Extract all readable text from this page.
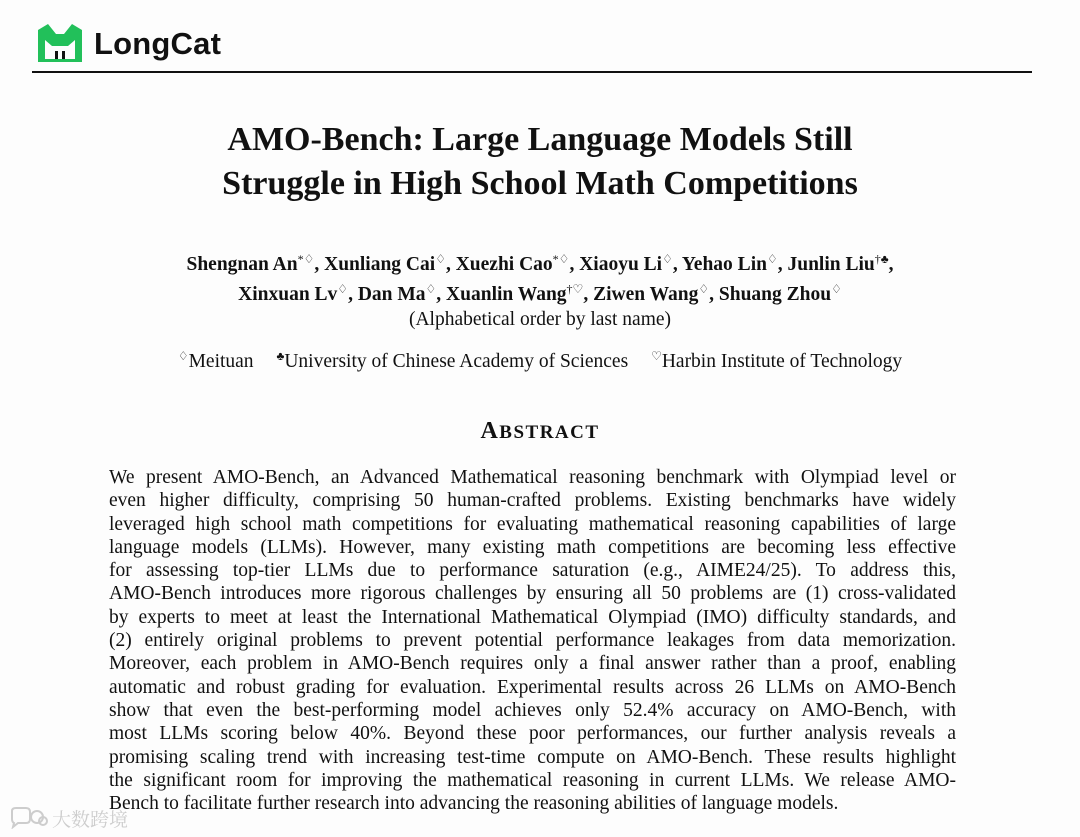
LongCat
AMO-Bench: Large Language Models Still
Struggle in High School Math Competitions
Shengnan An*♢, Xunliang Cai♢, Xuezhi Cao*♢, Xiaoyu Li♢, Yehao Lin♢, Junlin Liu†♣,
Xinxuan Lv♢, Dan Ma♢, Xuanlin Wang†♡, Ziwen Wang♢, Shuang Zhou♢
(Alphabetical order by last name)
♢Meituan ♣University of Chinese Academy of Sciences ♡Harbin Institute of Technology
ABSTRACT
We present AMO-Bench, an Advanced Mathematical reasoning benchmark with Olympiad level or
even higher difficulty, comprising 50 human-crafted problems. Existing benchmarks have widely
leveraged high school math competitions for evaluating mathematical reasoning capabilities of large
language models (LLMs). However, many existing math competitions are becoming less effective
for assessing top-tier LLMs due to performance saturation (e.g., AIME24/25). To address this,
AMO-Bench introduces more rigorous challenges by ensuring all 50 problems are (1) cross-validated
by experts to meet at least the International Mathematical Olympiad (IMO) difficulty standards, and
(2) entirely original problems to prevent potential performance leakages from data memorization.
Moreover, each problem in AMO-Bench requires only a final answer rather than a proof, enabling
automatic and robust grading for evaluation. Experimental results across 26 LLMs on AMO-Bench
show that even the best-performing model achieves only 52.4% accuracy on AMO-Bench, with
most LLMs scoring below 40%. Beyond these poor performances, our further analysis reveals a
promising scaling trend with increasing test-time compute on AMO-Bench. These results highlight
the significant room for improving the mathematical reasoning in current LLMs. We release AMO-
Bench to facilitate further research into advancing the reasoning abilities of language models.
大数跨境
